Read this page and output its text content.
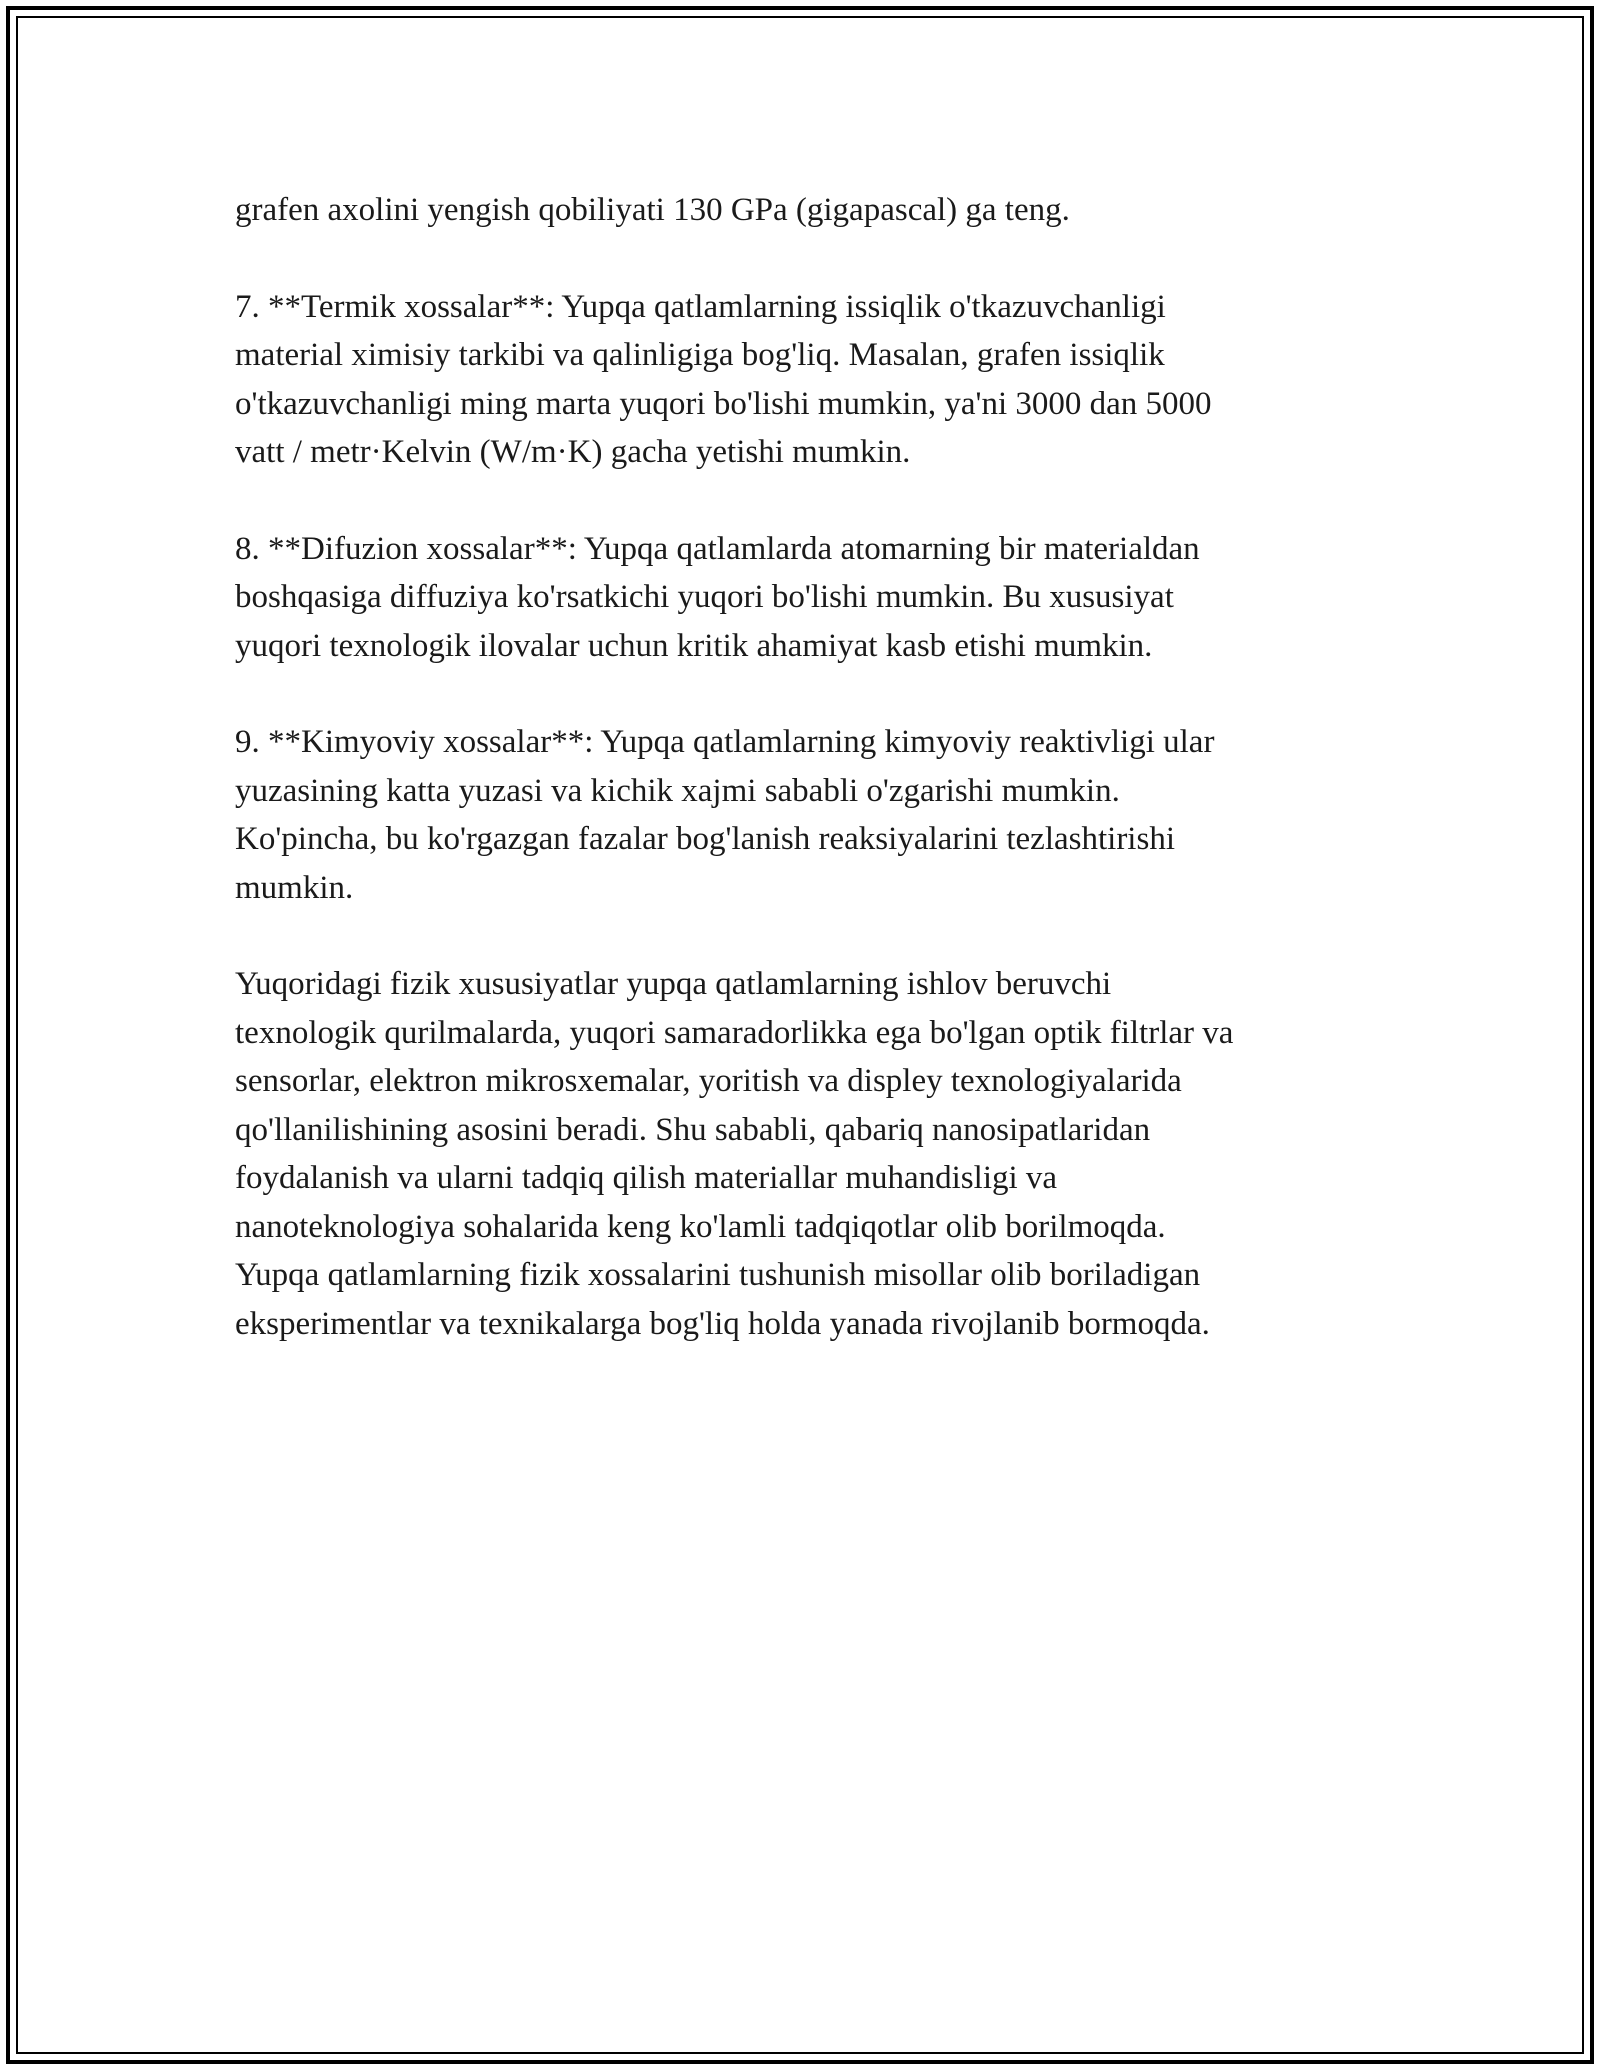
grafen axolini yengish qobiliyati 130 GPa (gigapascal) ga teng.

7. **Termik xossalar**: Yupqa qatlamlarning issiqlik o'tkazuvchanligi
material ximisiy tarkibi va qalinligiga bog'liq. Masalan, grafen issiqlik
o'tkazuvchanligi ming marta yuqori bo'lishi mumkin, ya'ni 3000 dan 5000
vatt / metr·Kelvin (W/m·K) gacha yetishi mumkin.

8. **Difuzion xossalar**: Yupqa qatlamlarda atomarning bir materialdan
boshqasiga diffuziya ko'rsatkichi yuqori bo'lishi mumkin. Bu xususiyat
yuqori texnologik ilovalar uchun kritik ahamiyat kasb etishi mumkin.

9. **Kimyoviy xossalar**: Yupqa qatlamlarning kimyoviy reaktivligi ular
yuzasining katta yuzasi va kichik xajmi sababli o'zgarishi mumkin.
Ko'pincha, bu ko'rgazgan fazalar bog'lanish reaksiyalarini tezlashtirishi
mumkin.

Yuqoridagi fizik xususiyatlar yupqa qatlamlarning ishlov beruvchi
texnologik qurilmalarda, yuqori samaradorlikka ega bo'lgan optik filtrlar va
sensorlar, elektron mikrosxemalar, yoritish va displey texnologiyalarida
qo'llanilishining asosini beradi. Shu sababli, qabariq nanosipatlaridan
foydalanish va ularni tadqiq qilish materiallar muhandisligi va
nanoteknologiya sohalarida keng ko'lamli tadqiqotlar olib borilmoqda.
Yupqa qatlamlarning fizik xossalarini tushunish misollar olib boriladigan
eksperimentlar va texnikalarga bog'liq holda yanada rivojlanib bormoqda.
